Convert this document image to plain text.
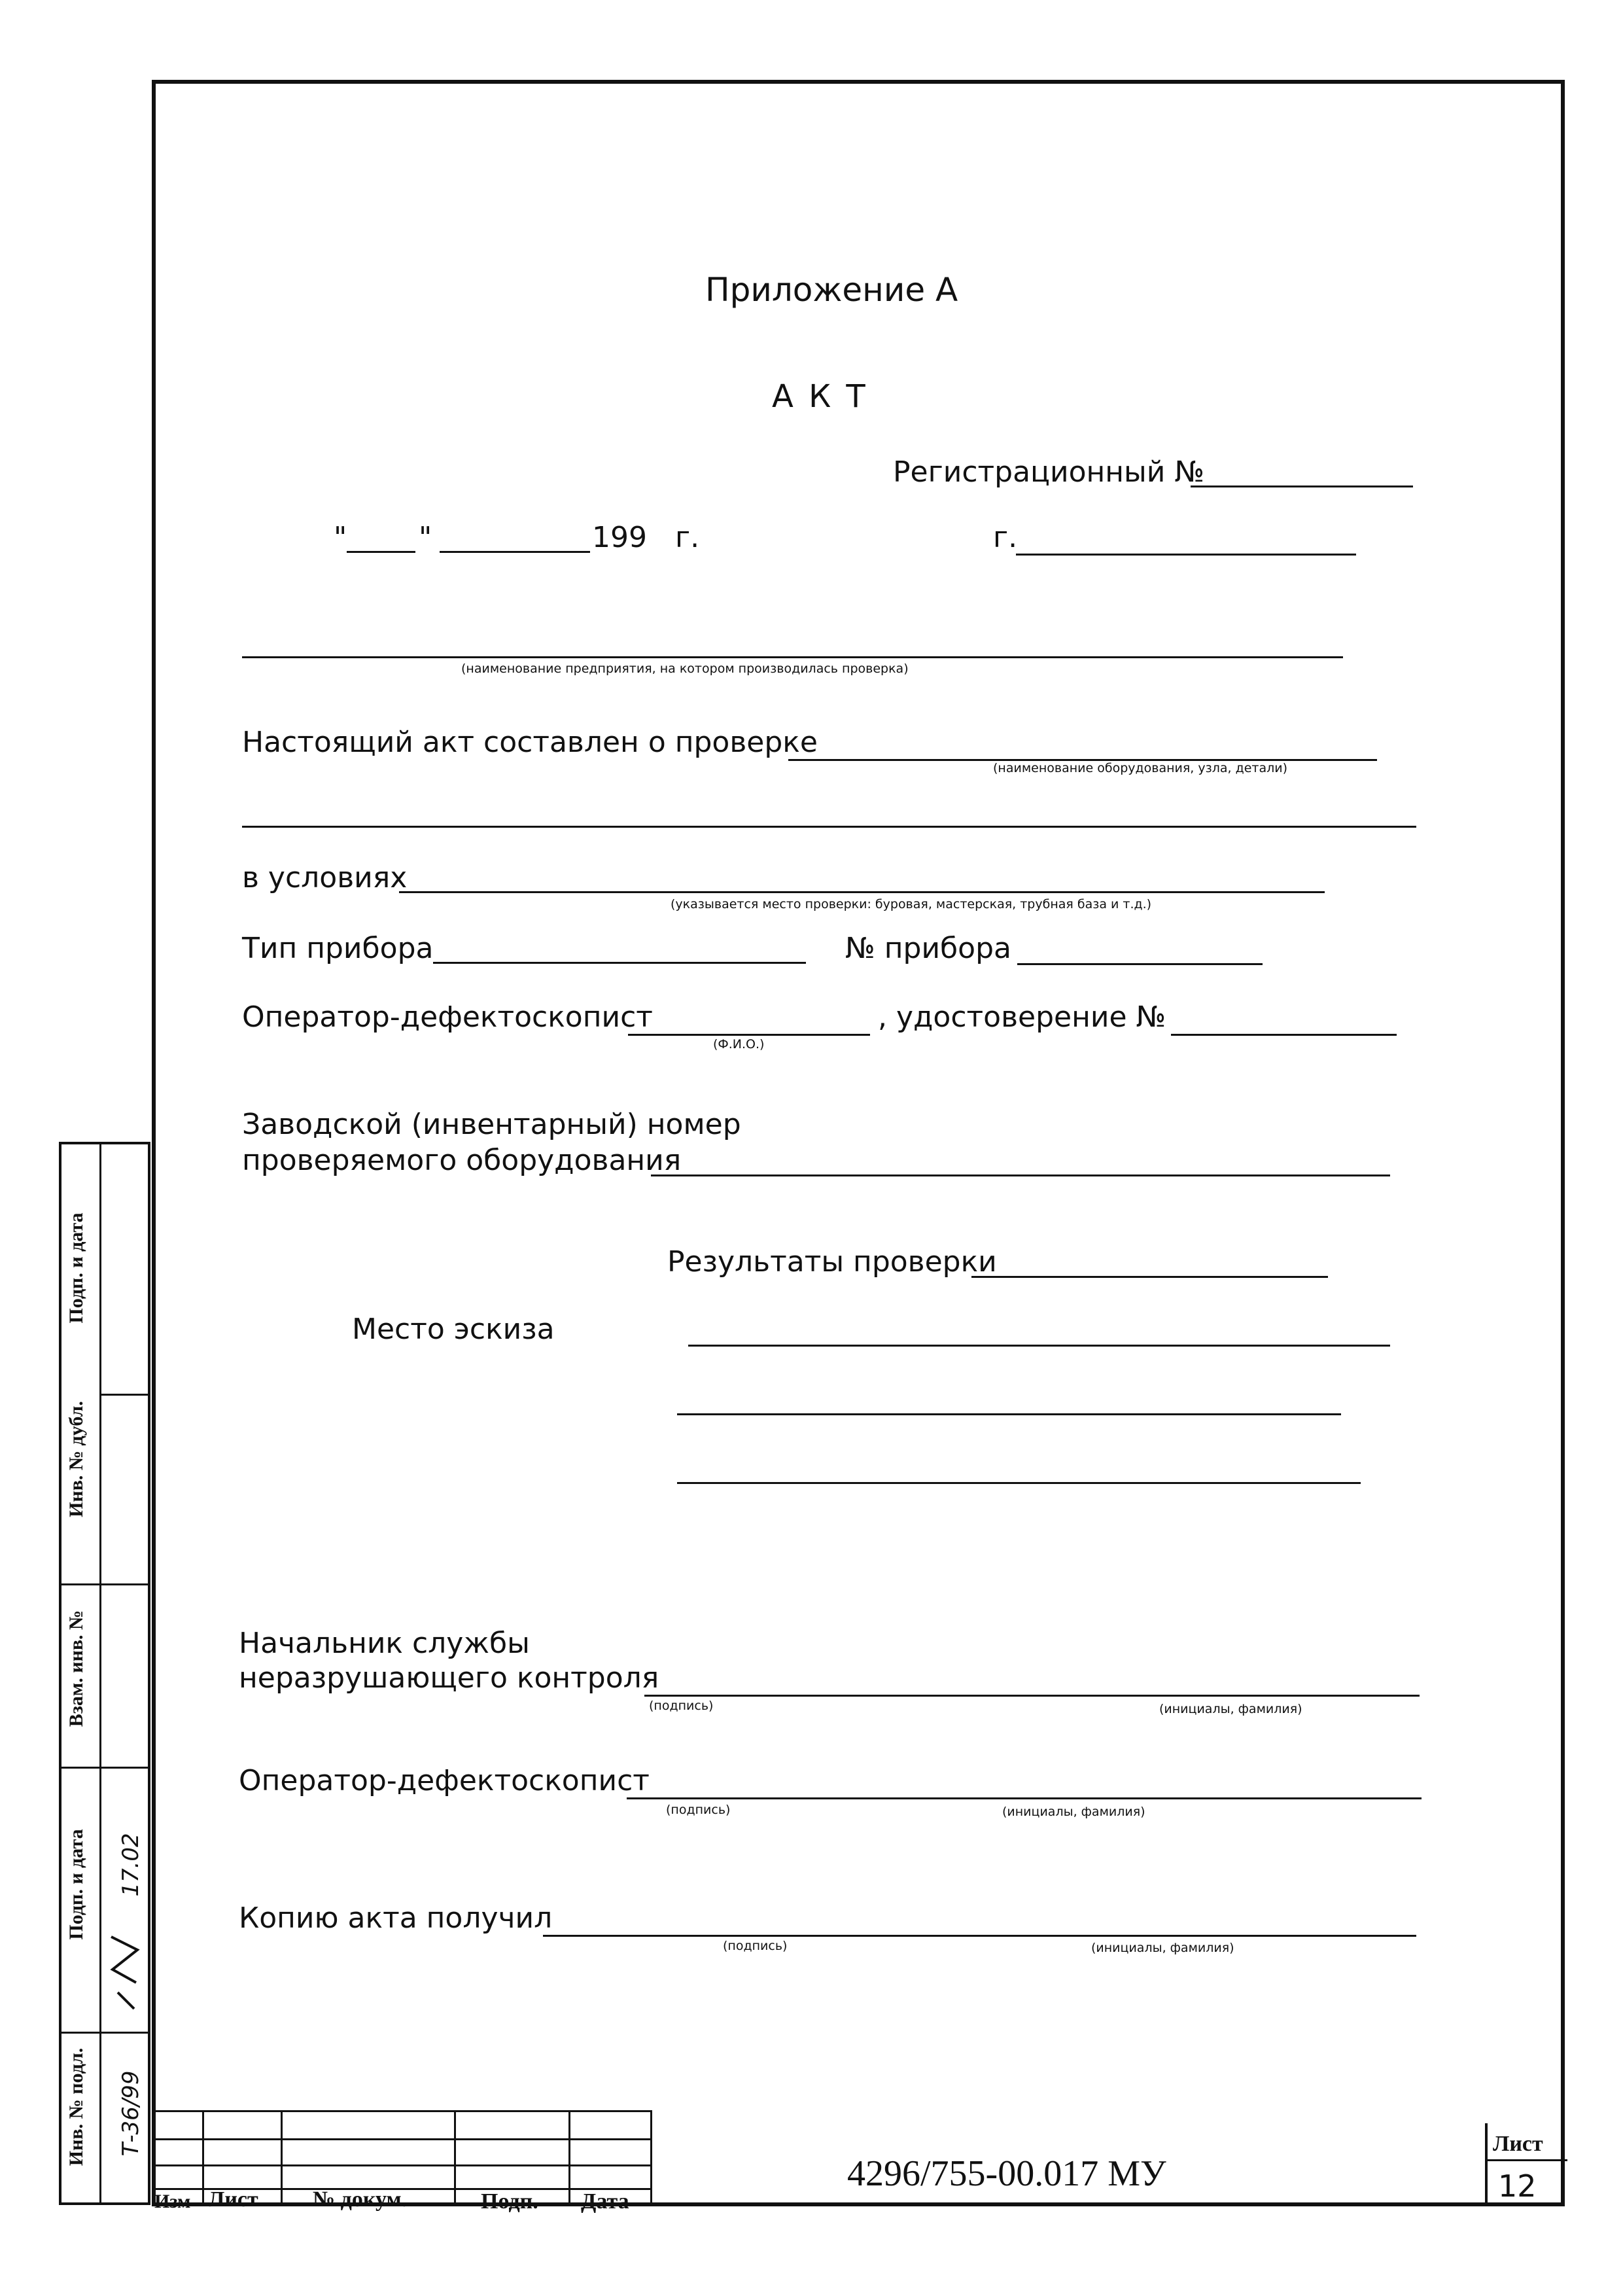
Приложение А
А К Т
Регистрационный №
" "	199 г.	г.
(наименование предприятия, на котором производилась проверка)
Настоящий акт составлен о проверке
(наименование оборудования, узла, детали)
в условиях
(указывается место проверки: буровая, мастерская, трубная база и т.д.)
Тип прибора	№ прибора
Оператор-дефектоскопист
(Ф.И.О.)
, удостоверение №
Заводской (инвентарный) номер
проверяемого оборудования
Результаты проверки
Место эскиза
Начальник службы
неразрушающего контроля
(подпись)	(инициалы, фамилия)
Оператор-дефектоскопист
(подпись)	(инициалы, фамилия)
Копию акта получил
(подпись)	(инициалы, фамилия)
Подп. и дата
Инв. № дубл.
Взам. инв. №
Подп. и дата
Инв. № подл.
17.02
Т-36/99
Изм Лист № докум.	Подп. Дата
4296/755-00.017 МУ
Лист
12
